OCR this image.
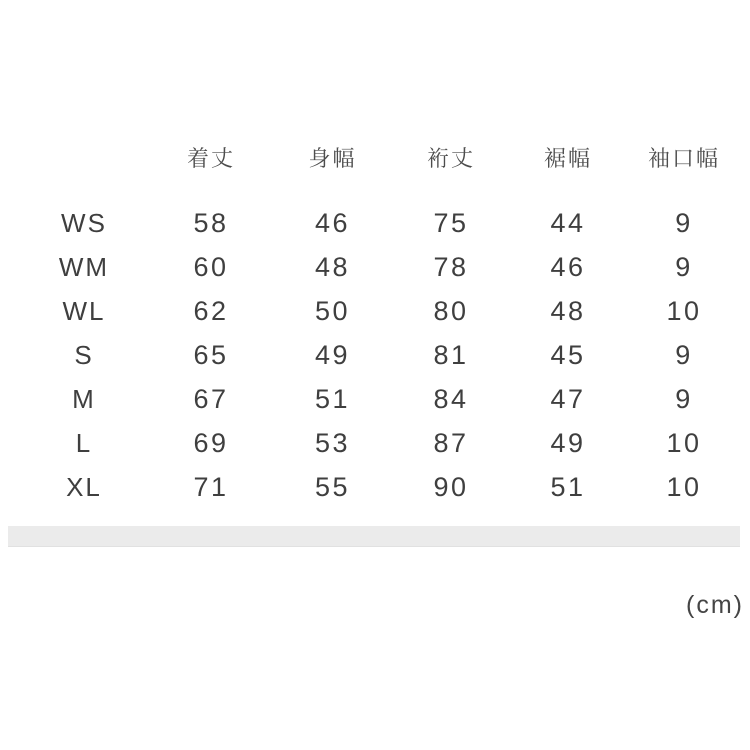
	着丈	身幅	裄丈	裾幅	袖口幅
WS	58	46	75	44	9
WM	60	48	78	46	9
WL	62	50	80	48	10
S	65	49	81	45	9
M	67	51	84	47	9
L	69	53	87	49	10
XL	71	55	90	51	10
(cm)
